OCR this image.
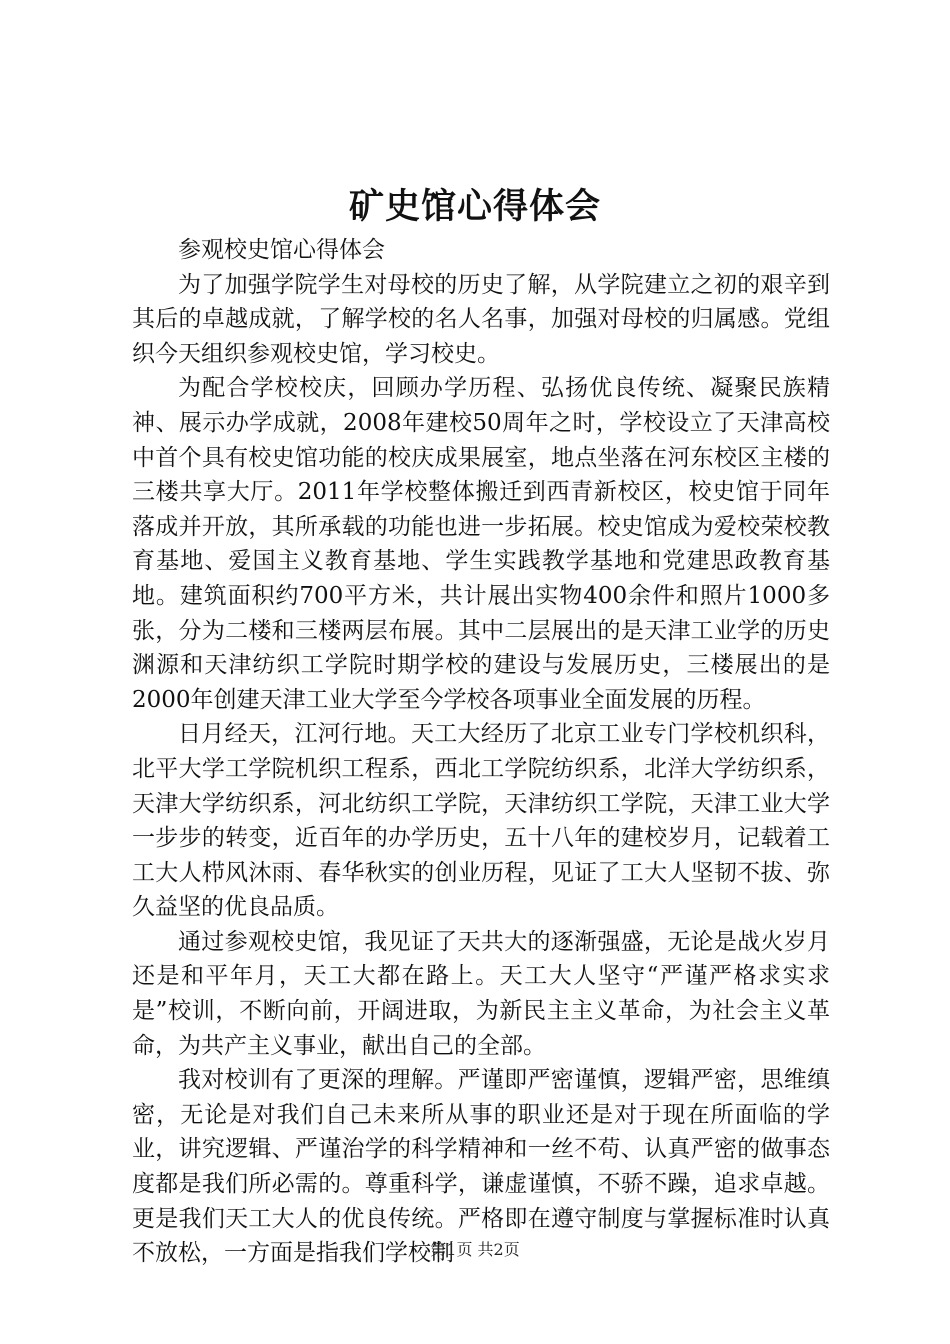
矿史馆心得体会

参观校史馆心得体会

为了加强学院学生对母校的历史了解，从学院建立之初的艰辛到其后的卓越成就，了解学校的名人名事，加强对母校的归属感。党组织今天组织参观校史馆，学习校史。

为配合学校校庆，回顾办学历程、弘扬优良传统、凝聚民族精神、展示办学成就，2008年建校50周年之时，学校设立了天津高校中首个具有校史馆功能的校庆成果展室，地点坐落在河东校区主楼的三楼共享大厅。2011年学校整体搬迁到西青新校区，校史馆于同年落成并开放，其所承载的功能也进一步拓展。校史馆成为爱校荣校教育基地、爱国主义教育基地、学生实践教学基地和党建思政教育基地。建筑面积约700平方米，共计展出实物400余件和照片1000多张，分为二楼和三楼两层布展。其中二层展出的是天津工业学的历史渊源和天津纺织工学院时期学校的建设与发展历史，三楼展出的是2000年创建天津工业大学至今学校各项事业全面发展的历程。

日月经天，江河行地。天工大经历了北京工业专门学校机织科，北平大学工学院机织工程系，西北工学院纺织系，北洋大学纺织系，天津大学纺织系，河北纺织工学院，天津纺织工学院，天津工业大学一步步的转变，近百年的办学历史，五十八年的建校岁月，记载着工工大人栉风沐雨、春华秋实的创业历程，见证了工大人坚韧不拔、弥久益坚的优良品质。

通过参观校史馆，我见证了天共大的逐渐强盛，无论是战火岁月还是和平年月，天工大都在路上。天工大人坚守“严谨严格求实求是”校训，不断向前，开阔进取，为新民主主义革命，为社会主义革命，为共产主义事业，献出自己的全部。

我对校训有了更深的理解。严谨即严密谨慎，逻辑严密，思维缜密，无论是对我们自己未来所从事的职业还是对于现在所面临的学业，讲究逻辑、严谨治学的科学精神和一丝不苟、认真严密的做事态度都是我们所必需的。尊重科学，谦虚谨慎，不骄不躁，追求卓越。更是我们天工大人的优良传统。严格即在遵守制度与掌握标准时认真不放松，一方面是指我们学校制

第1页 共2页
